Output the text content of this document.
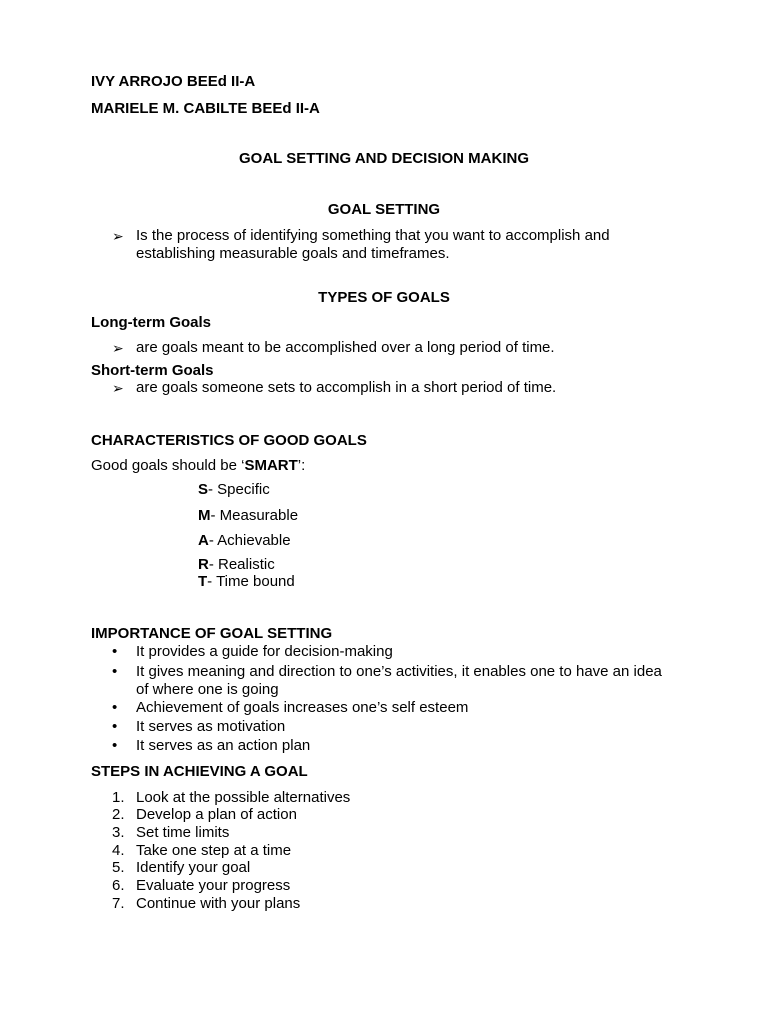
IVY ARROJO BEEd II-A
MARIELE M. CABILTE BEEd II-A
GOAL SETTING AND DECISION MAKING
GOAL SETTING
➢ Is the process of identifying something that you want to accomplish and establishing measurable goals and timeframes.
TYPES OF GOALS
Long-term Goals
➢ are goals meant to be accomplished over a long period of time.
Short-term Goals
➢ are goals someone sets to accomplish in a short period of time.
CHARACTERISTICS OF GOOD GOALS
Good goals should be ‘SMART’:
S- Specific
M- Measurable
A- Achievable
R- Realistic
T- Time bound
IMPORTANCE OF GOAL SETTING
• It provides a guide for decision-making
• It gives meaning and direction to one’s activities, it enables one to have an idea of where one is going
• Achievement of goals increases one’s self esteem
• It serves as motivation
• It serves as an action plan
STEPS IN ACHIEVING A GOAL
1. Look at the possible alternatives
2. Develop a plan of action
3. Set time limits
4. Take one step at a time
5. Identify your goal
6. Evaluate your progress
7. Continue with your plans
